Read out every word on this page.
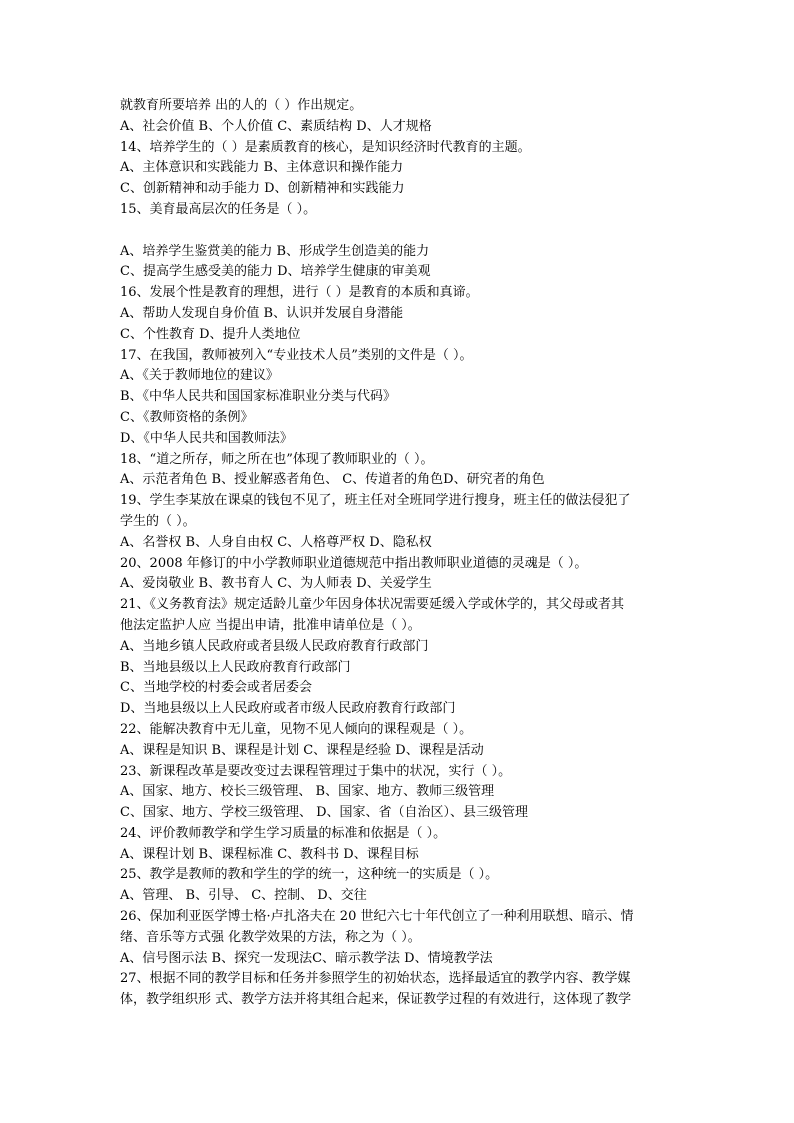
就教育所要培养 出的人的（ ）作出规定。
A、社会价值 B、个人价值 C、素质结构 D、人才规格
14、培养学生的（ ）是素质教育的核心，是知识经济时代教育的主题。
A、主体意识和实践能力 B、主体意识和操作能力
C、创新精神和动手能力 D、创新精神和实践能力
15、美育最高层次的任务是（ ）。
A、培养学生鉴赏美的能力 B、形成学生创造美的能力
C、提高学生感受美的能力 D、培养学生健康的审美观
16、发展个性是教育的理想，进行（ ）是教育的本质和真谛。
A、帮助人发现自身价值 B、认识并发展自身潜能
C、个性教育 D、提升人类地位
17、在我国，教师被列入“专业技术人员”类别的文件是（ ）。
A、《关于教师地位的建议》
B、《中华人民共和国国家标准职业分类与代码》
C、《教师资格的条例》
D、《中华人民共和国教师法》
18、“道之所存，师之所在也”体现了教师职业的（ ）。
A、示范者角色 B、授业解惑者角色、 C、传道者的角色D、研究者的角色
19、学生李某放在课桌的钱包不见了，班主任对全班同学进行搜身，班主任的做法侵犯了
学生的（ ）。
A、名誉权 B、人身自由权 C、人格尊严权 D、隐私权
20、2008 年修订的中小学教师职业道德规范中指出教师职业道德的灵魂是（ ）。
A、爱岗敬业 B、教书育人 C、为人师表 D、关爱学生
21、《义务教育法》规定适龄儿童少年因身体状况需要延缓入学或休学的，其父母或者其
他法定监护人应 当提出申请，批准申请单位是（ ）。
A、当地乡镇人民政府或者县级人民政府教育行政部门
B、当地县级以上人民政府教育行政部门
C、当地学校的村委会或者居委会
D、当地县级以上人民政府或者市级人民政府教育行政部门
22、能解决教育中无儿童，见物不见人倾向的课程观是（ ）。
A、课程是知识 B、课程是计划 C、课程是经验 D、课程是活动
23、新课程改革是要改变过去课程管理过于集中的状况，实行（ ）。
A、国家、地方、校长三级管理、 B、国家、地方、教师三级管理
C、国家、地方、学校三级管理、 D、国家、省（自治区）、县三级管理
24、评价教师教学和学生学习质量的标准和依据是（ ）。
A、课程计划 B、课程标准 C、教科书 D、课程目标
25、教学是教师的教和学生的学的统一，这种统一的实质是（ ）。
A、管理、 B、引导、 C、控制、 D、交往
26、保加利亚医学博士格·卢扎洛夫在 20 世纪六七十年代创立了一种利用联想、暗示、情
绪、音乐等方式强 化教学效果的方法，称之为（ ）。
A、信号图示法 B、探究一发现法C、暗示教学法 D、情境教学法
27、根据不同的教学目标和任务并参照学生的初始状态，选择最适宜的教学内容、教学媒
体，教学组织形 式、教学方法并将其组合起来，保证教学过程的有效进行，这体现了教学
